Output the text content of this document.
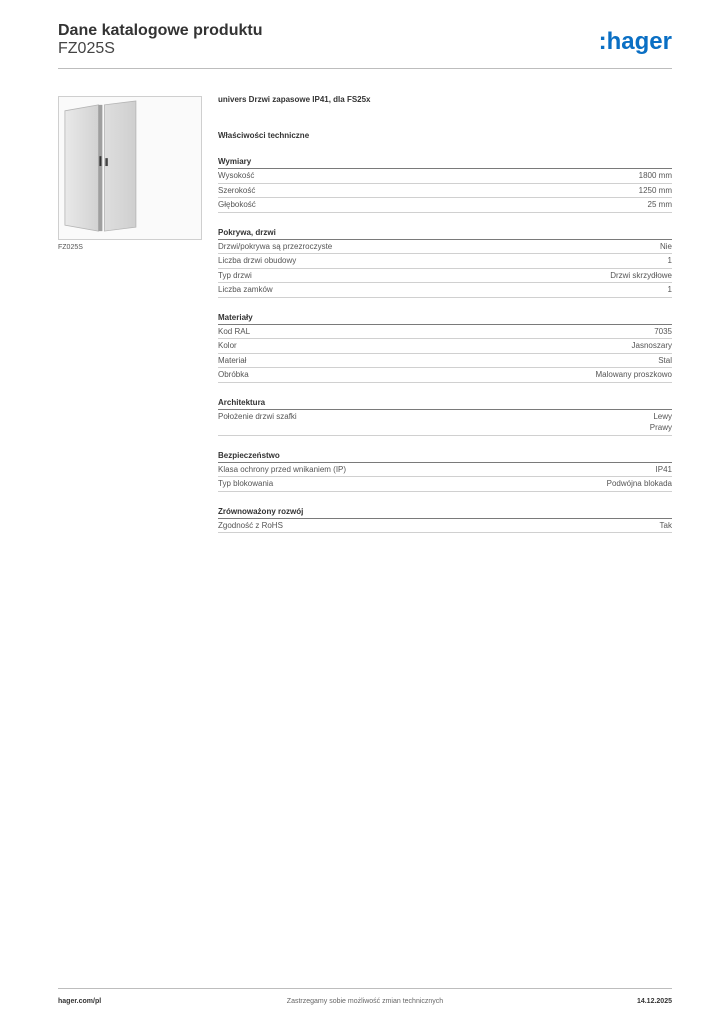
Dane katalogowe produktu
FZ025S	:hager
FZ025S
univers Drzwi zapasowe IP41, dla FS25x
Właściwości techniczne
Wymiary
Wysokość	1800 mm
Szerokość	1250 mm
Głębokość	25 mm
Pokrywa, drzwi
Drzwi/pokrywa są przezroczyste	Nie
Liczba drzwi obudowy	1
Typ drzwi	Drzwi skrzydłowe
Liczba zamków	1
Materiały
Kod RAL	7035
Kolor	Jasnoszary
Materiał	Stal
Obróbka	Malowany proszkowo
Architektura
Położenie drzwi szafki	Lewy
Prawy
Bezpieczeństwo
Klasa ochrony przed wnikaniem (IP)	IP41
Typ blokowania	Podwójna blokada
Zrównoważony rozwój
Zgodność z RoHS	Tak
hager.com/pl	Zastrzegamy sobie możliwość zmian technicznych	14.12.2025
